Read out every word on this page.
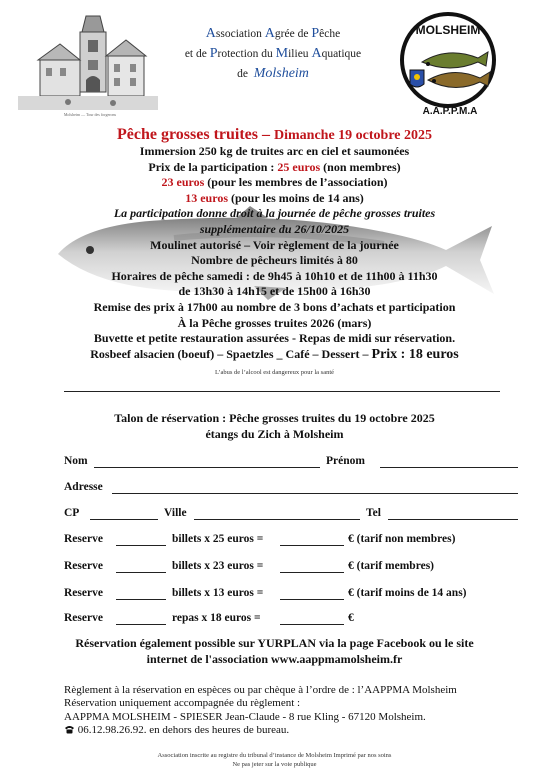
Molsheim — Tour des forgerons
Association Agrée de Pêche
et de Protection du Milieu Aquatique
de Molsheim
MOLSHEIM
A.A.P.P.M.A
Pêche grosses truites – Dimanche 19 octobre 2025
Immersion 250 kg de truites arc en ciel et saumonées
Prix de la participation : 25 euros (non membres)
23 euros (pour les membres de l’association)
13 euros (pour les moins de 14 ans)
La participation donne droit à la journée de pêche grosses truites
supplémentaire du 26/10/2025
Moulinet autorisé – Voir règlement de la journée
Nombre de pêcheurs limités à 80
Horaires de pêche samedi : de 9h45 à 10h10 et de 11h00 à 11h30
de 13h30 à 14h15 et de 15h00 à 16h30
Remise des prix à 17h00 au nombre de 3 bons d’achats et participation
À la Pêche grosses truites 2026 (mars)
Buvette et petite restauration assurées - Repas de midi sur réservation.
Rosbeef alsacien (boeuf) – Spaetzles _ Café – Dessert – Prix : 18 euros
L’abus de l’alcool est dangereux pour la santé
Talon de réservation : Pêche grosses truites du 19 octobre 2025
étangs du Zich à Molsheim
Nom	Prénom
Adresse
CP	Ville	Tel
Reserve	billets x 25 euros =	€ (tarif non membres)
Reserve	billets x 23 euros =	€ (tarif membres)
Reserve	billets x 13 euros =	€ (tarif moins de 14 ans)
Reserve	repas x 18 euros =	€
Réservation également possible sur YURPLAN via la page Facebook ou le site
internet de l'association www.aappmamolsheim.fr
Règlement à la réservation en espèces ou par chèque à l’ordre de : l’AAPPMA Molsheim
Réservation uniquement accompagnée du règlement :
AAPPMA MOLSHEIM - SPIESER Jean-Claude - 8 rue Kling - 67120 Molsheim.
06.12.98.26.92. en dehors des heures de bureau.
Association inscrite au registre du tribunal d’instance de Molsheim Imprimé par nos soins
Ne pas jeter sur la voie publique
